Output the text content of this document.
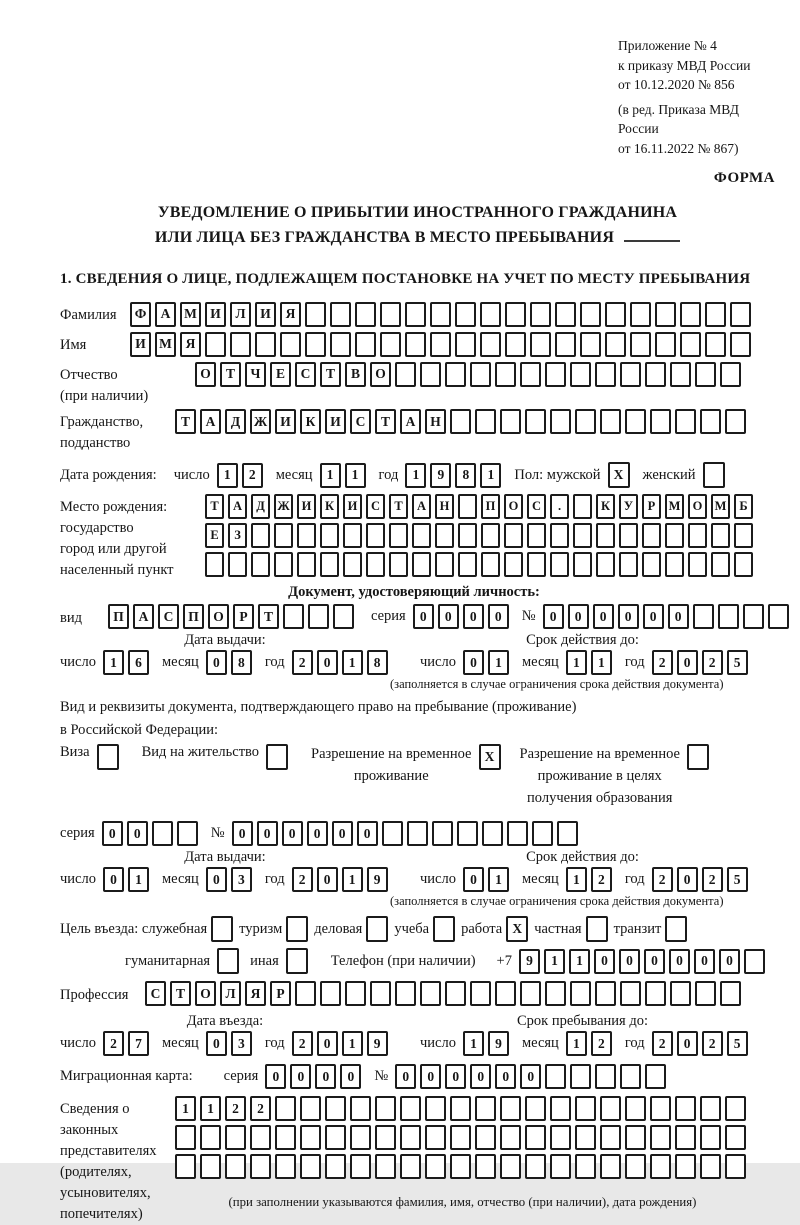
Приложение № 4
к приказу МВД России
от 10.12.2020 № 856
(в ред. Приказа МВД России
от 16.11.2022 № 867)
ФОРМА
УВЕДОМЛЕНИЕ О ПРИБЫТИИ ИНОСТРАННОГО ГРАЖДАНИНА
ИЛИ ЛИЦА БЕЗ ГРАЖДАНСТВА В МЕСТО ПРЕБЫВАНИЯ
1. СВЕДЕНИЯ О ЛИЦЕ, ПОДЛЕЖАЩЕМ ПОСТАНОВКЕ НА УЧЕТ ПО МЕСТУ ПРЕБЫВАНИЯ
Фамилия	Ф	А	М И	Л	И	Я
Имя	И М	Я
Отчество
(при наличии)
О	Т	Ч	Е	С	Т	В	О
Гражданство,
подданство
Т	А	Д	Ж И	К	И	С	Т	А	Н
Дата рождения: число	1	2	месяц	1	1	год	1	9	8	1	Пол: мужской X	женский
Место рождения:
государство
город или другой
населенный пункт
Т	А	Д	Ж И	К	И	С	Т	А	Н	П	О	С	.	К	У	Р	М О М	Б
Е	З
Документ, удостоверяющий личность:
вид	П	А	С	П	О	Р	Т	серия	0	0	0	0	№	0	0	0	0	0	0
Дата выдачи:	Срок действия до:
число	1	6	месяц	0	8	год	2	0	1	8	число	0	1	месяц	1	1	год	2	0	2	5
(заполняется в случае ограничения срока действия документа)
Вид и реквизиты документа, подтверждающего право на пребывание (проживание)
в Российской Федерации:
Виза	Вид на жительство	Разрешение на временное
проживание
X	Разрешение на временное
проживание в целях
получения образования
серия	0	0	№	0	0	0	0	0	0
Дата выдачи:	Срок действия до:
число	0	1	месяц	0	3	год	2	0	1	9	число	0	1	месяц	1	2	год	2	0	2	5
(заполняется в случае ограничения срока действия документа)
Цель въезда: служебная туризм деловая учеба работа X частная транзит
гуманитарная	иная	Телефон (при наличии) +7	9	1	1	0	0	0	0	0	0
Профессия	С	Т	О	Л	Я	Р
Дата въезда:	Срок пребывания до:
число	2	7	месяц	0	3	год	2	0	1	9	число	1	9	месяц	1	2	год	2	0	2	5
Миграционная карта: серия	0	0	0	0	№	0	0	0	0	0	0
Сведения о
законных
представителях
(родителях,
усыновителях,
попечителях)
1	1	2	2
(при заполнении указываются фамилия, имя, отчество (при наличии), дата рождения)
